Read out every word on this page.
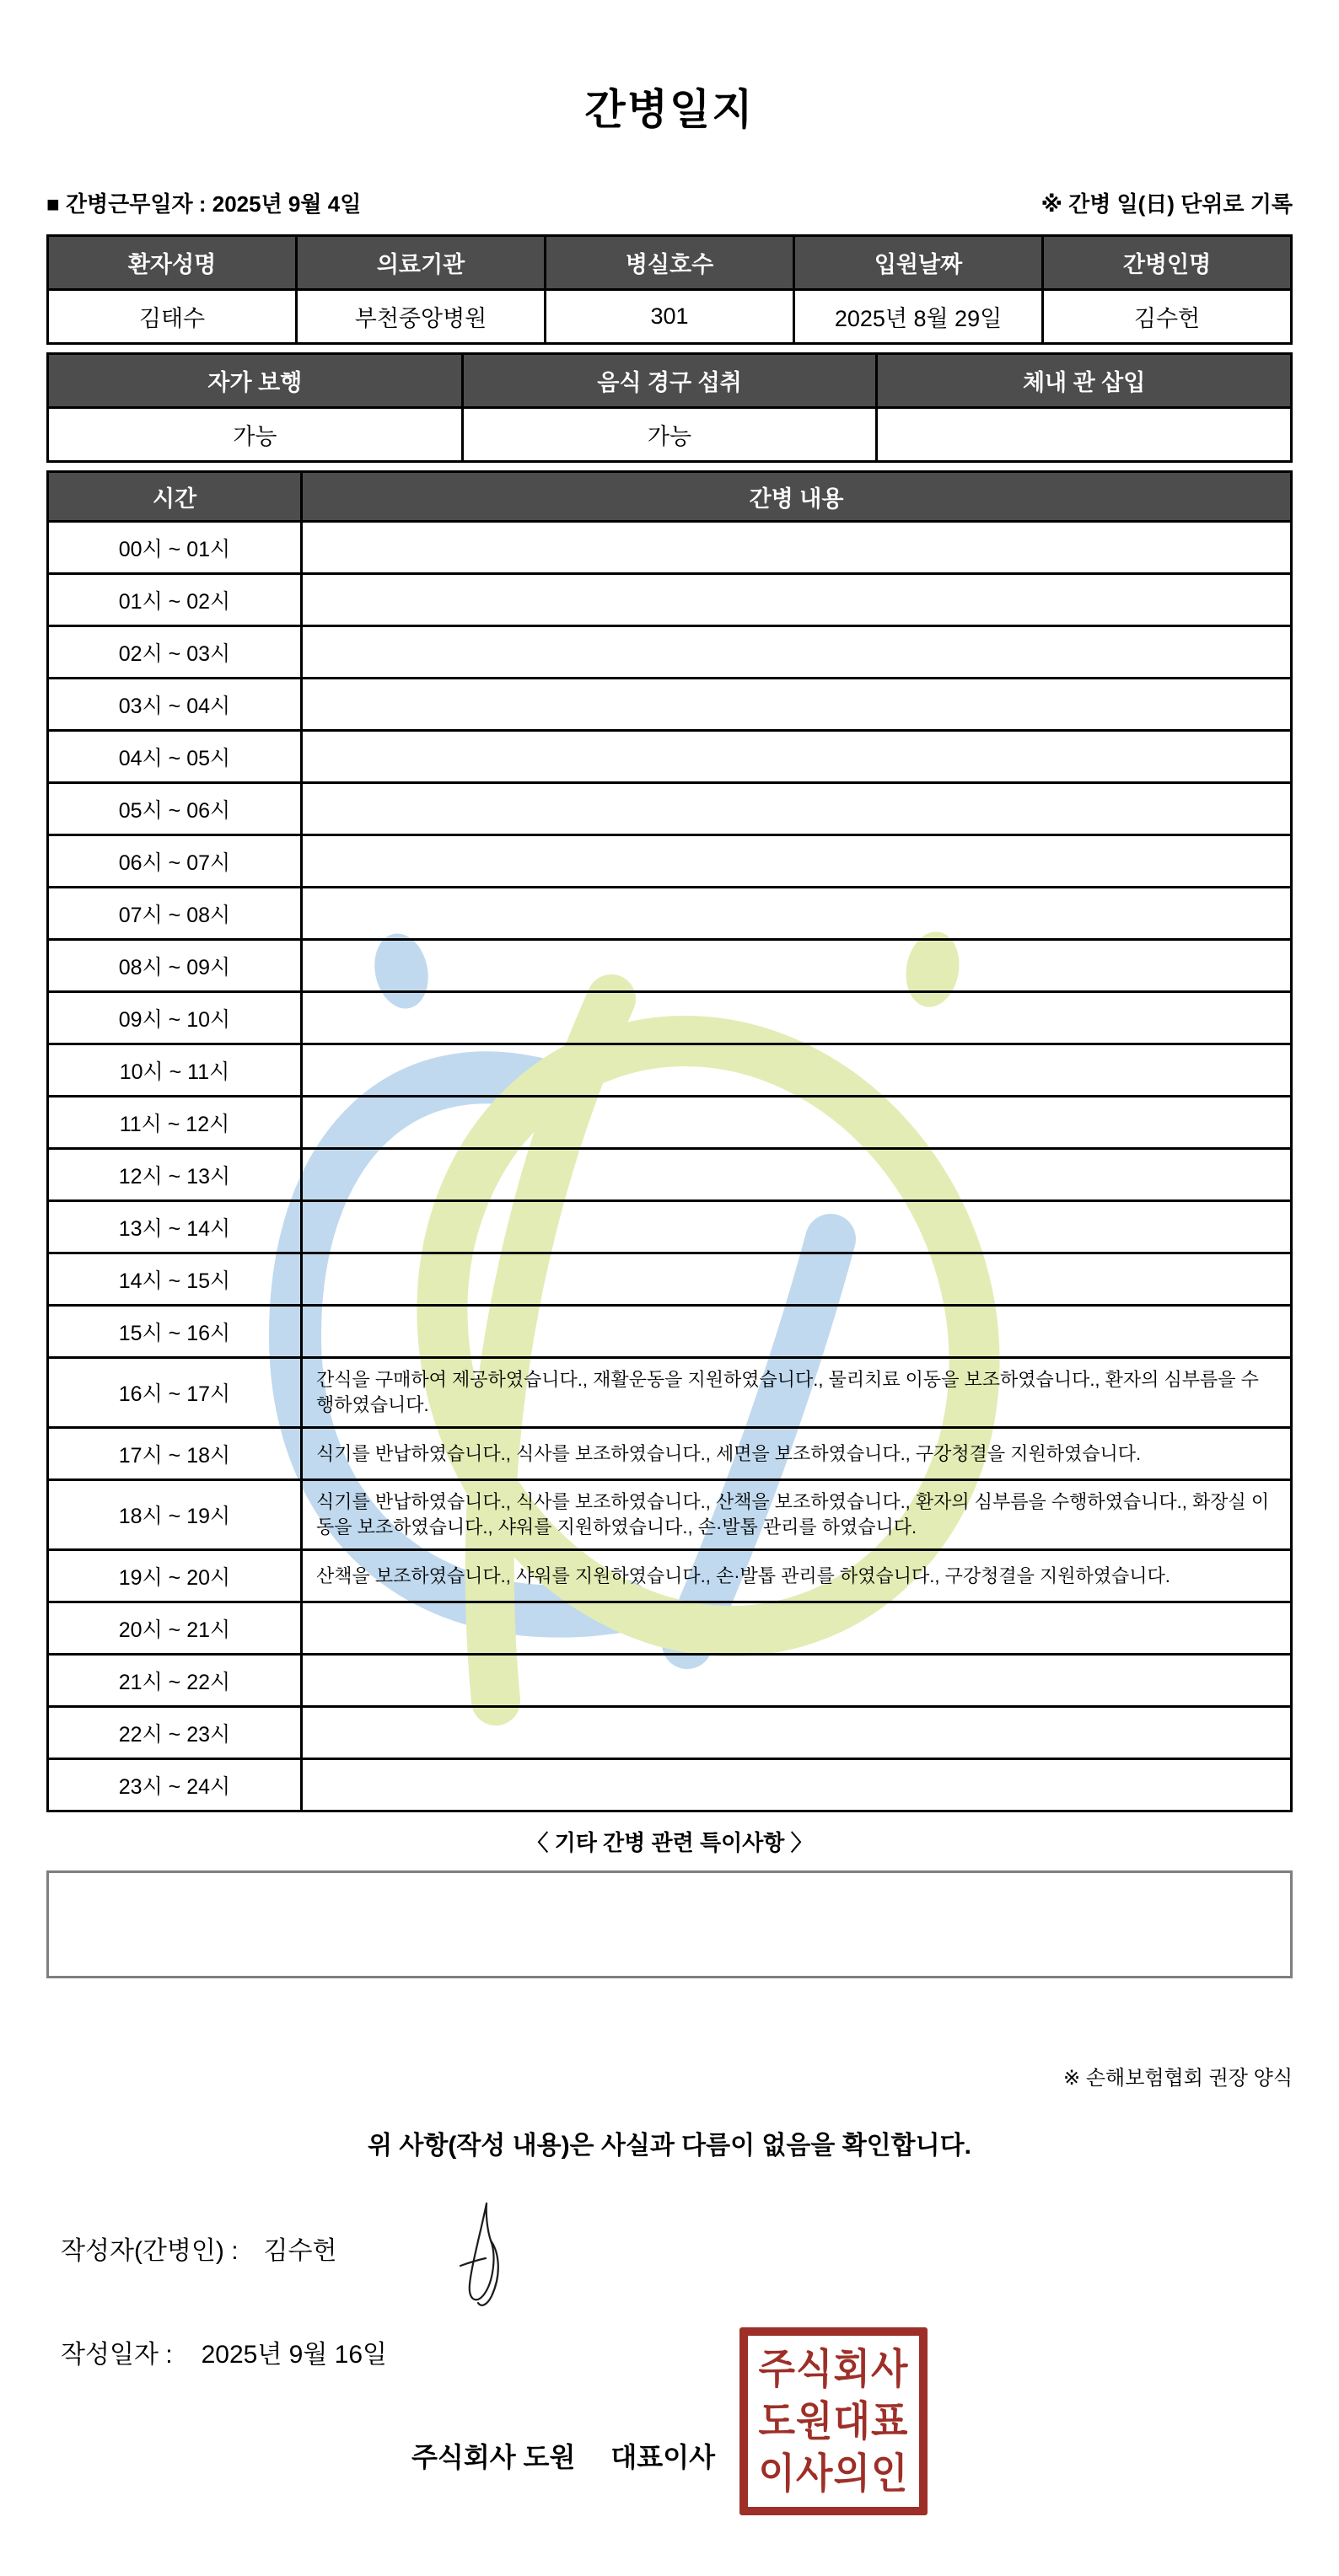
간병일지
■ 간병근무일자 : 2025년 9월 4일	※ 간병 일(日) 단위로 기록
환자성명	의료기관	병실호수	입원날짜	간병인명
김태수	부천중앙병원	301	2025년 8월 29일	김수헌
자가 보행	음식 경구 섭취	체내 관 삽입
가능	가능	
시간	간병 내용
00시 ~ 01시	
01시 ~ 02시	
02시 ~ 03시	
03시 ~ 04시	
04시 ~ 05시	
05시 ~ 06시	
06시 ~ 07시	
07시 ~ 08시	
08시 ~ 09시	
09시 ~ 10시	
10시 ~ 11시	
11시 ~ 12시	
12시 ~ 13시	
13시 ~ 14시	
14시 ~ 15시	
15시 ~ 16시	
16시 ~ 17시	간식을 구매하여 제공하였습니다., 재활운동을 지원하였습니다., 물리치료 이동을 보조하였습니다., 환자의 심부름을 수행하였습니다.
17시 ~ 18시	식기를 반납하였습니다., 식사를 보조하였습니다., 세면을 보조하였습니다., 구강청결을 지원하였습니다.
18시 ~ 19시	식기를 반납하였습니다., 식사를 보조하였습니다., 산책을 보조하였습니다., 환자의 심부름을 수행하였습니다., 화장실 이동을 보조하였습니다., 샤워를 지원하였습니다., 손·발톱 관리를 하였습니다.
19시 ~ 20시	산책을 보조하였습니다., 샤워를 지원하였습니다., 손·발톱 관리를 하였습니다., 구강청결을 지원하였습니다.
20시 ~ 21시	
21시 ~ 22시	
22시 ~ 23시	
23시 ~ 24시	
〈 기타 간병 관련 특이사항 〉
※ 손해보험협회 권장 양식
위 사항(작성 내용)은 사실과 다름이 없음을 확인합니다.
작성자(간병인) : 김수헌
작성일자 : 2025년 9월 16일
주식회사 도원 대표이사
주식회사
도원대표
이사의인
